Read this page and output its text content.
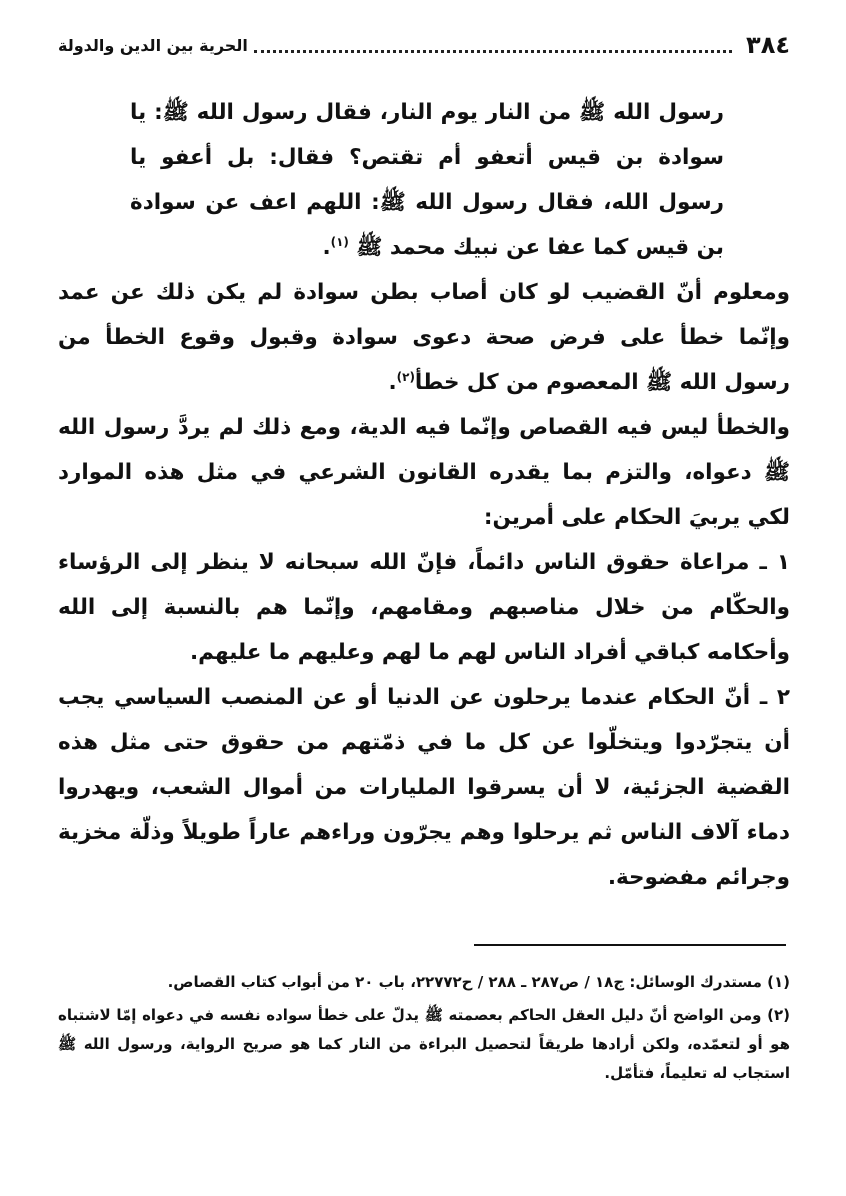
٣٨٤
الحرية بين الدين والدولة

رسول الله ﷺ من النار يوم النار، فقال رسول الله ﷺ: يا سوادة بن قيس أتعفو أم تقتص؟ فقال: بل أعفو يا رسول الله، فقال رسول الله ﷺ: اللهم اعف عن سوادة بن قيس كما عفا عن نبيك محمد ﷺ $^{(١)}$.

ومعلوم أنّ القضيب لو كان أصاب بطن سوادة لم يكن ذلك عن عمد وإنّما خطأ على فرض صحة دعوى سوادة وقبول وقوع الخطأ من رسول الله ﷺ المعصوم من كل خطأ$^{(٢)}$.

والخطأ ليس فيه القصاص وإنّما فيه الدية، ومع ذلك لم يردَّ رسول الله ﷺ دعواه، والتزم بما يقدره القانون الشرعي في مثل هذه الموارد لكي يربيَ الحكام على أمرين:

١ ـ مراعاة حقوق الناس دائماً، فإنّ الله سبحانه لا ينظر إلى الرؤساء والحكّام من خلال مناصبهم ومقامهم، وإنّما هم بالنسبة إلى الله وأحكامه كباقي أفراد الناس لهم ما لهم وعليهم ما عليهم.

٢ ـ أنّ الحكام عندما يرحلون عن الدنيا أو عن المنصب السياسي يجب أن يتجرّدوا ويتخلّوا عن كل ما في ذمّتهم من حقوق حتى مثل هذه القضية الجزئية، لا أن يسرقوا المليارات من أموال الشعب، ويهدروا دماء آلاف الناس ثم يرحلوا وهم يجرّون وراءهم عاراً طويلاً وذلّة مخزية وجرائم مفضوحة.

(١) مستدرك الوسائل: ج١٨ / ص٢٨٧ ـ ٢٨٨ / ح٢٢٧٧٢، باب ٢٠ من أبواب كتاب القصاص.

(٢) ومن الواضح أنّ دليل العقل الحاكم بعصمته ﷺ يدلّ على خطأ سواده نفسه في دعواه إمّا لاشتباه هو أو لتعمّده، ولكن أرادها طريقاً لتحصيل البراءة من النار كما هو صريح الرواية، ورسول الله ﷺ استجاب له تعليماً، فتأمّل.
